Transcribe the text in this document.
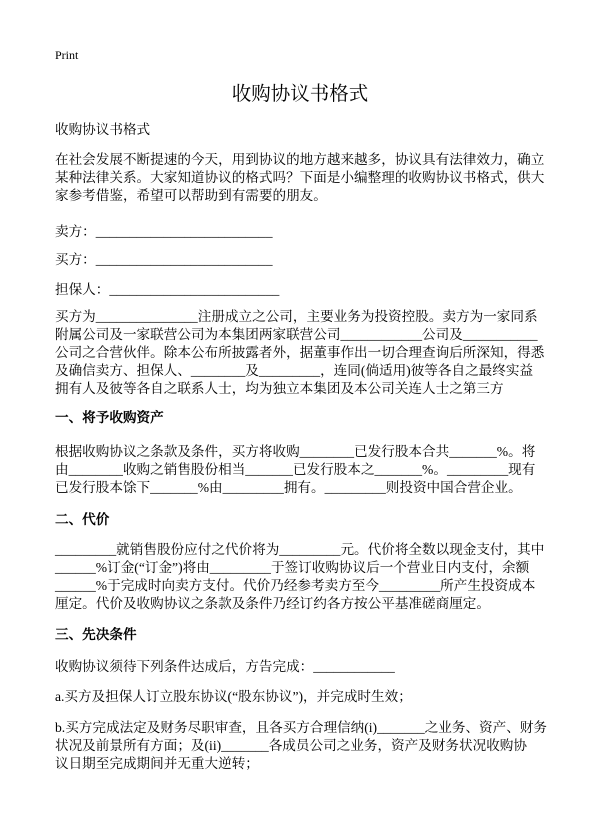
Print
收购协议书格式
收购协议书格式
在社会发展不断提速的今天，用到协议的地方越来越多，协议具有法律效力，确立
某种法律关系。大家知道协议的格式吗？下面是小编整理的收购协议书格式，供大
家参考借鉴，希望可以帮助到有需要的朋友。
卖方：__________________________
买方：__________________________
担保人：_________________________
买方为_______________注册成立之公司，主要业务为投资控股。卖方为一家同系
附属公司及一家联营公司为本集团两家联营公司____________公司及___________
公司之合营伙伴。除本公布所披露者外，据董事作出一切合理查询后所深知，得悉
及确信卖方、担保人、________及_________，连同(倘适用)彼等各自之最终实益
拥有人及彼等各自之联系人士，均为独立本集团及本公司关连人士之第三方
一、将予收购资产
根据收购协议之条款及条件，买方将收购________已发行股本合共_______%。将
由________收购之销售股份相当_______已发行股本之_______%。_________现有
已发行股本馀下_______%由_________拥有。_________则投资中国合营企业。
二、代价
_________就销售股份应付之代价将为_________元。代价将全数以现金支付，其中
______%订金(“订金”)将由_________于签订收购协议后一个营业日内支付，余额
______%于完成时向卖方支付。代价乃经参考卖方至今_________所产生投资成本
厘定。代价及收购协议之条款及条件乃经订约各方按公平基准磋商厘定。
三、先决条件
收购协议须待下列条件达成后，方告完成：____________
a.买方及担保人订立股东协议(“股东协议”)，并完成时生效；
b.买方完成法定及财务尽职审查，且各买方合理信纳(i)_______之业务、资产、财务
状况及前景所有方面；及(ii)_______各成员公司之业务，资产及财务状况收购协
议日期至完成期间并无重大逆转；
